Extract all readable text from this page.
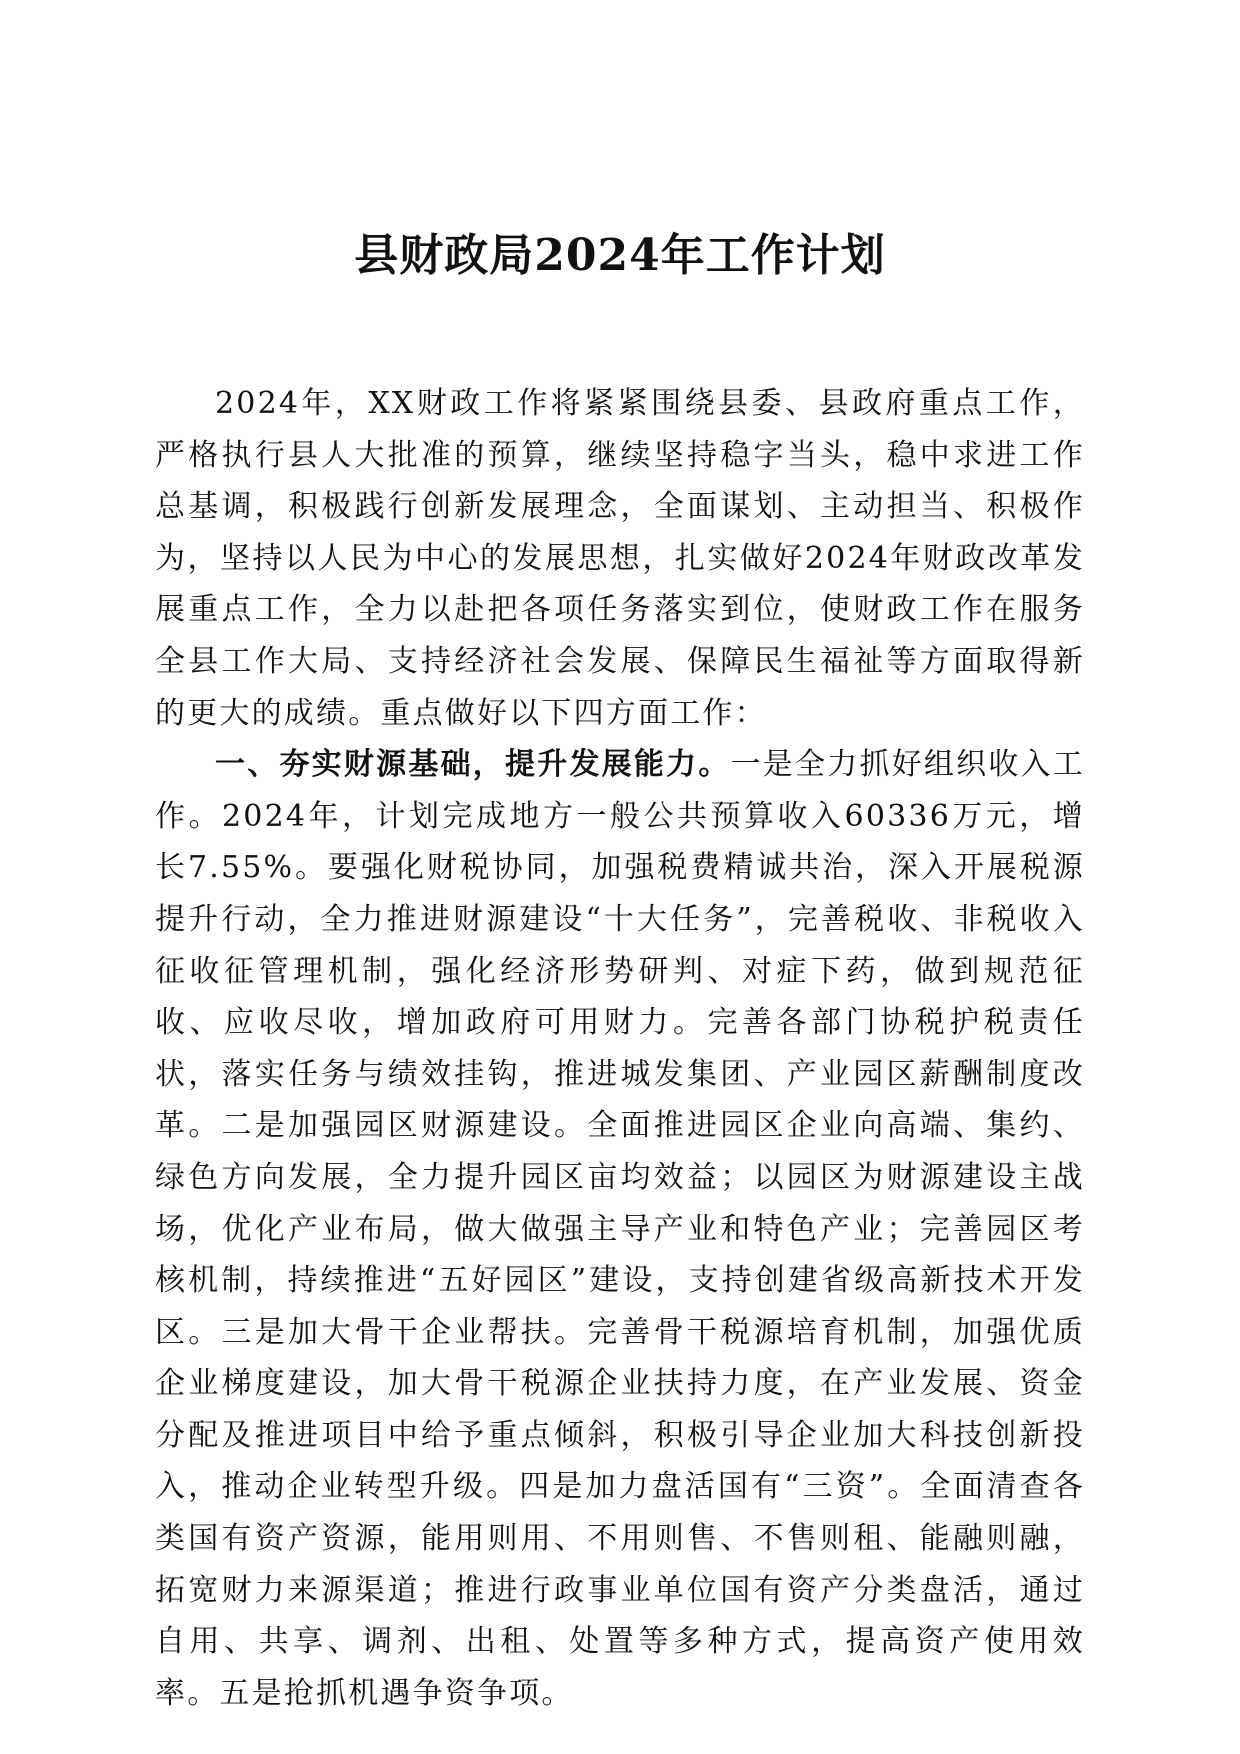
县财政局2024年工作计划

2024年，XX财政工作将紧紧围绕县委、县政府重点工作，严格执行县人大批准的预算，继续坚持稳字当头，稳中求进工作总基调，积极践行创新发展理念，全面谋划、主动担当、积极作为，坚持以人民为中心的发展思想，扎实做好2024年财政改革发展重点工作，全力以赴把各项任务落实到位，使财政工作在服务全县工作大局、支持经济社会发展、保障民生福祉等方面取得新的更大的成绩。重点做好以下四方面工作：

一、夯实财源基础，提升发展能力。一是全力抓好组织收入工作。2024年，计划完成地方一般公共预算收入60336万元，增长7.55%。要强化财税协同，加强税费精诚共治，深入开展税源提升行动，全力推进财源建设“十大任务”，完善税收、非税收入征收征管理机制，强化经济形势研判、对症下药，做到规范征收、应收尽收，增加政府可用财力。完善各部门协税护税责任状，落实任务与绩效挂钩，推进城发集团、产业园区薪酬制度改革。二是加强园区财源建设。全面推进园区企业向高端、集约、绿色方向发展，全力提升园区亩均效益；以园区为财源建设主战场，优化产业布局，做大做强主导产业和特色产业；完善园区考核机制，持续推进“五好园区”建设，支持创建省级高新技术开发区。三是加大骨干企业帮扶。完善骨干税源培育机制，加强优质企业梯度建设，加大骨干税源企业扶持力度，在产业发展、资金分配及推进项目中给予重点倾斜，积极引导企业加大科技创新投入，推动企业转型升级。四是加力盘活国有“三资”。全面清查各类国有资产资源，能用则用、不用则售、不售则租、能融则融，拓宽财力来源渠道；推进行政事业单位国有资产分类盘活，通过自用、共享、调剂、出租、处置等多种方式，提高资产使用效率。五是抢抓机遇争资争项。
